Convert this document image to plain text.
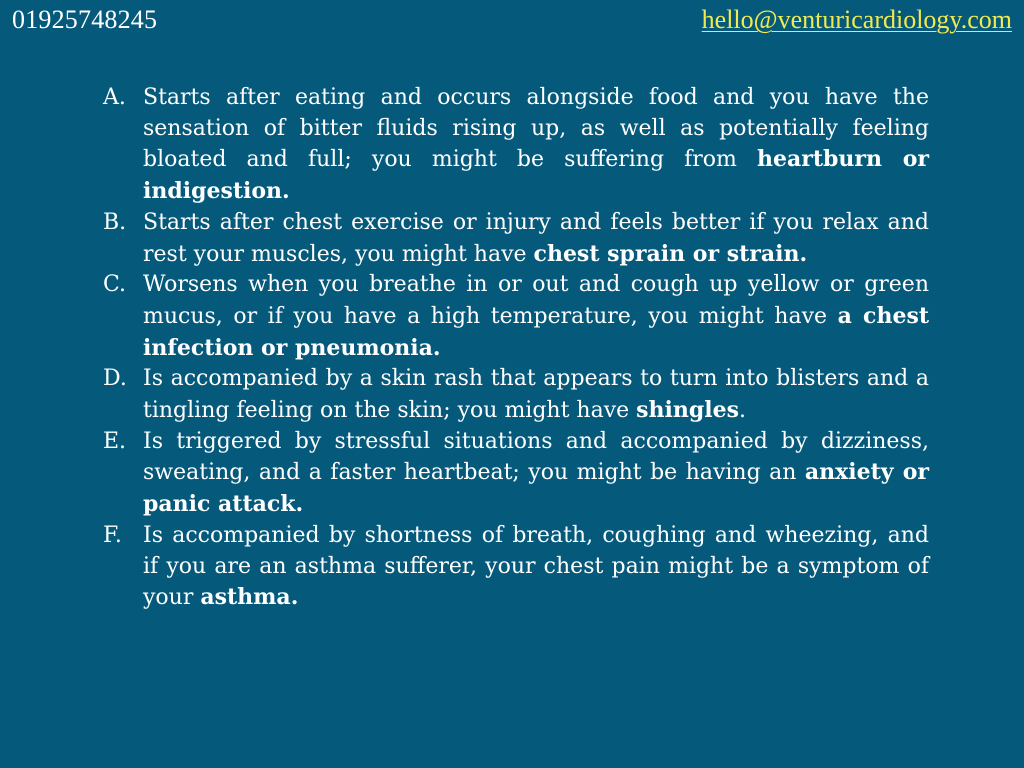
01925748245	hello@venturicardiology.com
A. Starts after eating and occurs alongside food and you have the sensation of bitter fluids rising up, as well as potentially feeling bloated and full; you might be suffering from heartburn or indigestion.
B. Starts after chest exercise or injury and feels better if you relax and rest your muscles, you might have chest sprain or strain.
C. Worsens when you breathe in or out and cough up yellow or green mucus, or if you have a high temperature, you might have a chest infection or pneumonia.
D. Is accompanied by a skin rash that appears to turn into blisters and a tingling feeling on the skin; you might have shingles.
E. Is triggered by stressful situations and accompanied by dizziness, sweating, and a faster heartbeat; you might be having an anxiety or panic attack.
F. Is accompanied by shortness of breath, coughing and wheezing, and if you are an asthma sufferer, your chest pain might be a symptom of your asthma.
